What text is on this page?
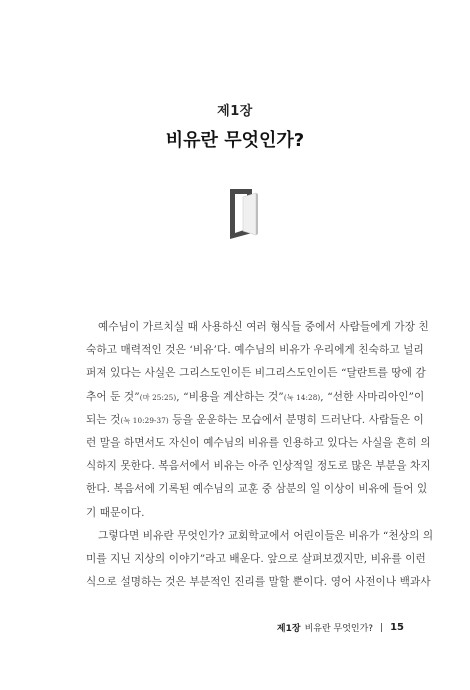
제1장
비유란 무엇인가?
예수님이 가르치실 때 사용하신 여러 형식들 중에서 사람들에게 가장 친
숙하고 매력적인 것은 ‘비유’다. 예수님의 비유가 우리에게 친숙하고 널리
퍼져 있다는 사실은 그리스도인이든 비그리스도인이든 “달란트를 땅에 감
추어 둔 것”(마 25:25), “비용을 계산하는 것”(눅 14:28), “선한 사마리아인”이
되는 것(눅 10:29-37) 등을 운운하는 모습에서 분명히 드러난다. 사람들은 이
런 말을 하면서도 자신이 예수님의 비유를 인용하고 있다는 사실을 흔히 의
식하지 못한다. 복음서에서 비유는 아주 인상적일 정도로 많은 부분을 차지
한다. 복음서에 기록된 예수님의 교훈 중 삼분의 일 이상이 비유에 들어 있
기 때문이다.
그렇다면 비유란 무엇인가? 교회학교에서 어린이들은 비유가 “천상의 의
미를 지닌 지상의 이야기”라고 배운다. 앞으로 살펴보겠지만, 비유를 이런
식으로 설명하는 것은 부분적인 진리를 말할 뿐이다. 영어 사전이나 백과사
제1장 비유란 무엇인가? 15
